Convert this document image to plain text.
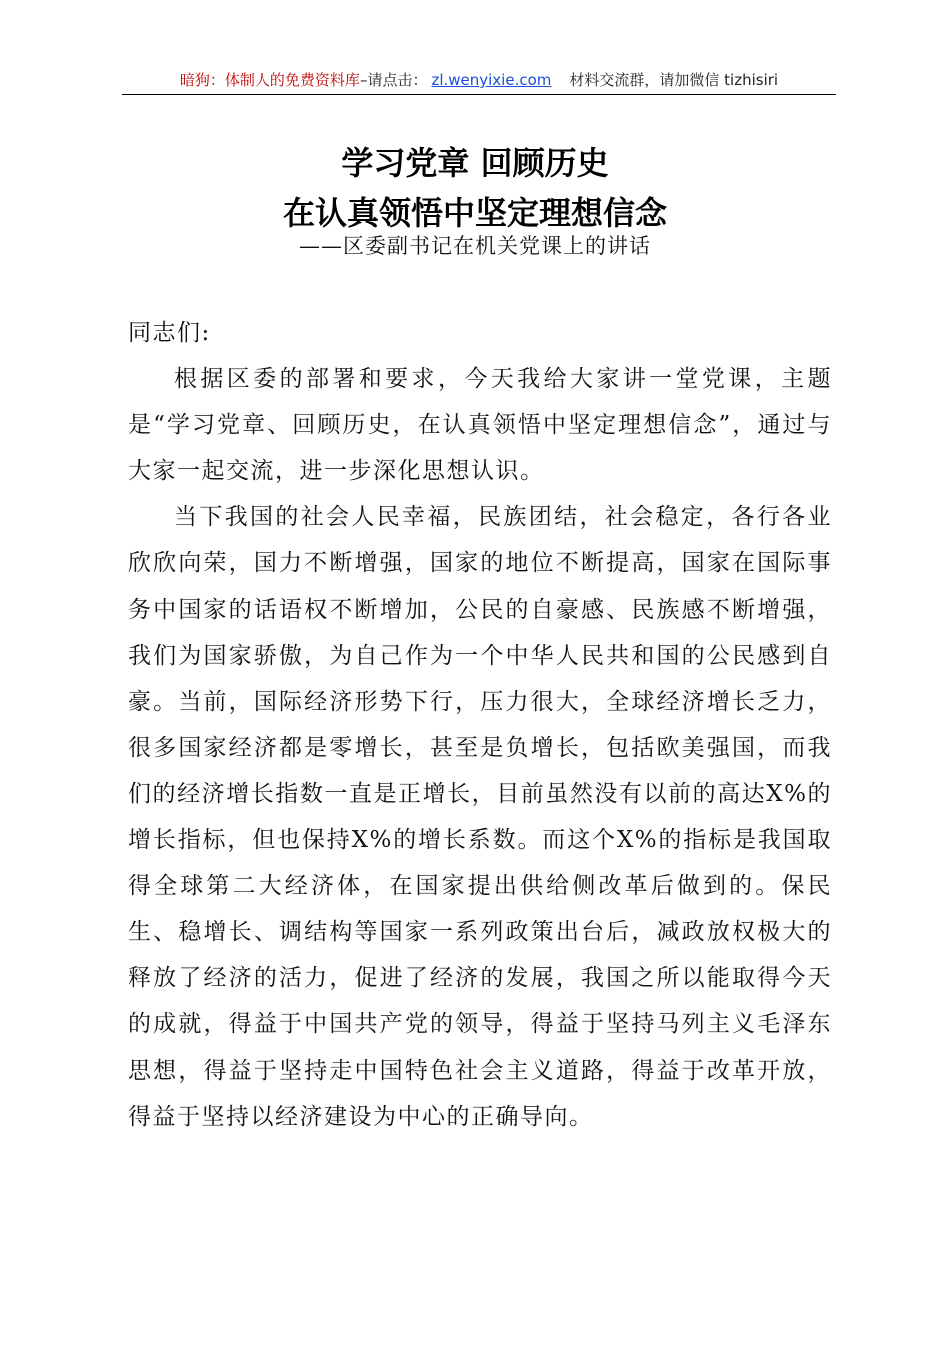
暗狗：体制人的免费资料库–请点击： zl.wenyixie.com 材料交流群，请加微信 tizhisiri
学习党章 回顾历史
在认真领悟中坚定理想信念
——区委副书记在机关党课上的讲话

同志们:

根据区委的部署和要求，今天我给大家讲一堂党课，主题是“学习党章、回顾历史，在认真领悟中坚定理想信念”，通过与大家一起交流，进一步深化思想认识。

当下我国的社会人民幸福，民族团结，社会稳定，各行各业欣欣向荣，国力不断增强，国家的地位不断提高，国家在国际事务中国家的话语权不断增加，公民的自豪感、民族感不断增强，我们为国家骄傲，为自己作为一个中华人民共和国的公民感到自豪。当前，国际经济形势下行，压力很大，全球经济增长乏力，很多国家经济都是零增长，甚至是负增长，包括欧美强国，而我们的经济增长指数一直是正增长，目前虽然没有以前的高达X%的增长指标，但也保持X%的增长系数。而这个X%的指标是我国取得全球第二大经济体，在国家提出供给侧改革后做到的。保民生、稳增长、调结构等国家一系列政策出台后，减政放权极大的释放了经济的活力，促进了经济的发展，我国之所以能取得今天的成就，得益于中国共产党的领导，得益于坚持马列主义毛泽东思想，得益于坚持走中国特色社会主义道路，得益于改革开放，得益于坚持以经济建设为中心的正确导向。
